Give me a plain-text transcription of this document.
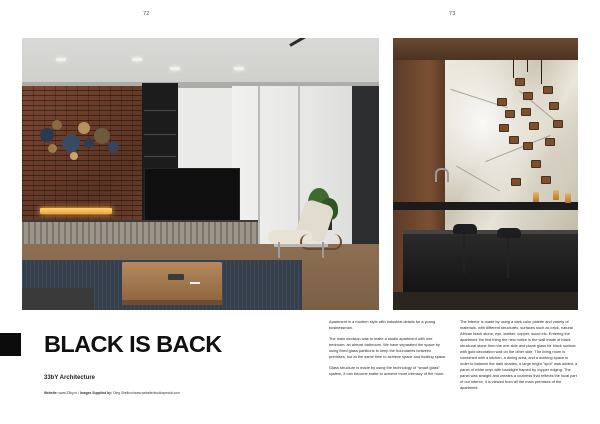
72	73
BLACK IS BACK
33bY Architecture
Website: www.33by.ru / Images Supplied by: Oleg Shelkun/www.website/studiospecial.com

Apartment in a modern style with industrial details for a young businessman.

The main decision was to make a studio apartment with one bedroom: an almost bathroom. We have separated the space by using fixed glass partitions to keep the boundaries between premises, but at the same time to achieve space and floating space.

Glass structure is made by using the technology of "smart glass" system, it can become matte to achieve more intimacy of the room.

The interior is made by using a dark color palette and variety of materials, with different structures, surfaces such as brick, natural African black stone, eye, leather, copper, wood etc. Entering the apartment the first thing the new notice is the wall made of black structural stone from the one side and plane glass for black surface with gold decoration wall on the other side. The living room is combined with a kitchen, a dining area, and a working space in order to balance the dark shades, a large bright "spot" was added, a panel of white onyx with backlight framed by copper edging. The panel was straight and creates a coziness that reflects the local part of our interior, it is viewed from all the main premises of the apartment.
